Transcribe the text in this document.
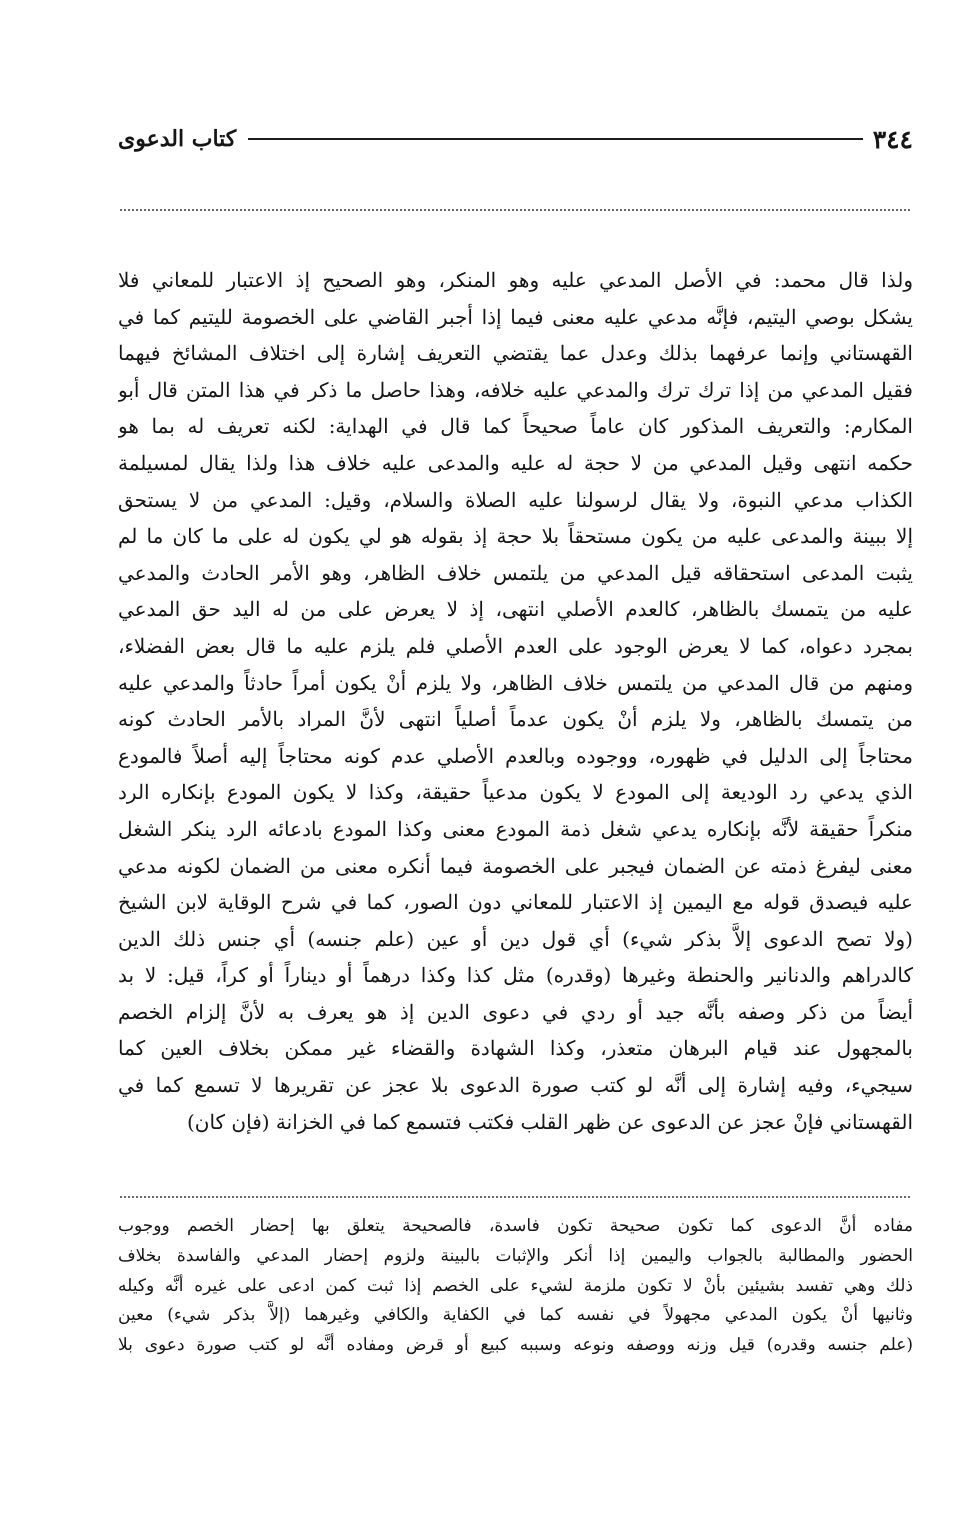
٣٤٤
كتاب الدعوى
ولذا قال محمد: في الأصل المدعي عليه وهو المنكر، وهو الصحيح إذ الاعتبار للمعاني فلا
يشكل بوصي اليتيم، فإنَّه مدعي عليه معنى فيما إذا أجبر القاضي على الخصومة لليتيم كما في
القهستاني وإنما عرفهما بذلك وعدل عما يقتضي التعريف إشارة إلى اختلاف المشائخ فيهما
فقيل المدعي من إذا ترك ترك والمدعي عليه خلافه، وهذا حاصل ما ذكر في هذا المتن قال أبو
المكارم: والتعريف المذكور كان عاماً صحيحاً كما قال في الهداية: لكنه تعريف له بما هو
حكمه انتهى وقيل المدعي من لا حجة له عليه والمدعى عليه خلاف هذا ولذا يقال لمسيلمة
الكذاب مدعي النبوة، ولا يقال لرسولنا عليه الصلاة والسلام، وقيل: المدعي من لا يستحق
إلا ببينة والمدعى عليه من يكون مستحقاً بلا حجة إذ بقوله هو لي يكون له على ما كان ما لم
يثبت المدعى استحقاقه قيل المدعي من يلتمس خلاف الظاهر، وهو الأمر الحادث والمدعي
عليه من يتمسك بالظاهر، كالعدم الأصلي انتهى، إذ لا يعرض على من له اليد حق المدعي
بمجرد دعواه، كما لا يعرض الوجود على العدم الأصلي فلم يلزم عليه ما قال بعض الفضلاء،
ومنهم من قال المدعي من يلتمس خلاف الظاهر، ولا يلزم أنْ يكون أمراً حادثاً والمدعي عليه
من يتمسك بالظاهر، ولا يلزم أنْ يكون عدماً أصلياً انتهى لأنَّ المراد بالأمر الحادث كونه
محتاجاً إلى الدليل في ظهوره، ووجوده وبالعدم الأصلي عدم كونه محتاجاً إليه أصلاً فالمودع
الذي يدعي رد الوديعة إلى المودع لا يكون مدعياً حقيقة، وكذا لا يكون المودع بإنكاره الرد
منكراً حقيقة لأنَّه بإنكاره يدعي شغل ذمة المودع معنى وكذا المودع بادعائه الرد ينكر الشغل
معنى ليفرغ ذمته عن الضمان فيجبر على الخصومة فيما أنكره معنى من الضمان لكونه مدعي
عليه فيصدق قوله مع اليمين إذ الاعتبار للمعاني دون الصور، كما في شرح الوقاية لابن الشيخ
(ولا تصح الدعوى إلاَّ بذكر شيء) أي قول دين أو عين (علم جنسه) أي جنس ذلك الدين
كالدراهم والدنانير والحنطة وغيرها (وقدره) مثل كذا وكذا درهماً أو ديناراً أو كراً، قيل: لا بد
أيضاً من ذكر وصفه بأنَّه جيد أو ردي في دعوى الدين إذ هو يعرف به لأنَّ إلزام الخصم
بالمجهول عند قيام البرهان متعذر، وكذا الشهادة والقضاء غير ممكن بخلاف العين كما
سيجيء، وفيه إشارة إلى أنَّه لو كتب صورة الدعوى بلا عجز عن تقريرها لا تسمع كما في
القهستاني فإنْ عجز عن الدعوى عن ظهر القلب فكتب فتسمع كما في الخزانة (فإن كان)
مفاده أنَّ الدعوى كما تكون صحيحة تكون فاسدة، فالصحيحة يتعلق بها إحضار الخصم ووجوب
الحضور والمطالبة بالجواب واليمين إذا أنكر والإثبات بالبينة ولزوم إحضار المدعي والفاسدة بخلاف
ذلك وهي تفسد بشيئين بأنْ لا تكون ملزمة لشيء على الخصم إذا ثبت كمن ادعى على غيره أنَّه وكيله
وثانيها أنْ يكون المدعي مجهولاً في نفسه كما في الكفاية والكافي وغيرهما (إلاَّ بذكر شيء) معين
(علم جنسه وقدره) قيل وزنه ووصفه ونوعه وسببه كبيع أو قرض ومفاده أنَّه لو كتب صورة دعوى بلا
